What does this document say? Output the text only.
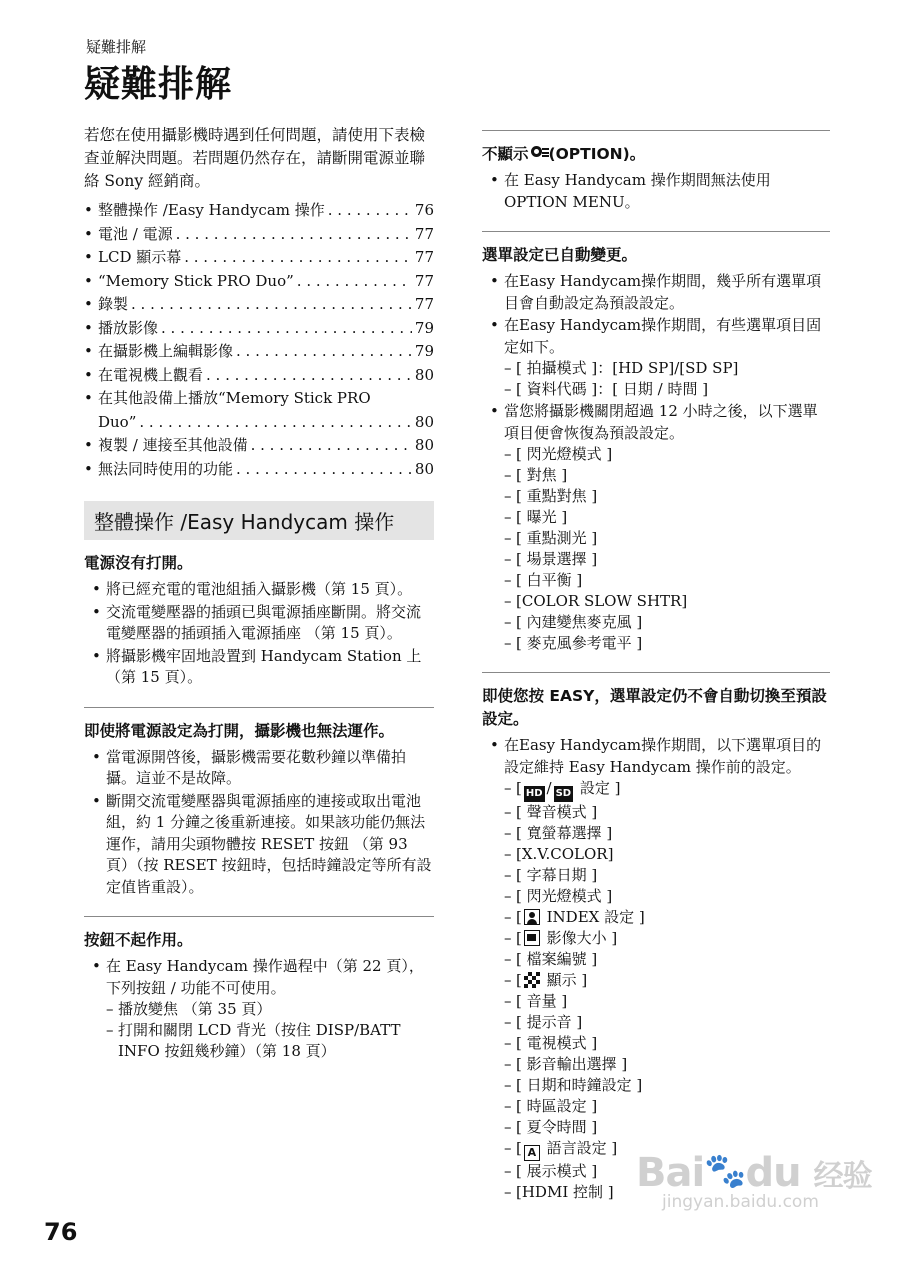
疑難排解
疑難排解

若您在使用攝影機時遇到任何問題，請使用下表檢查並解決問題。若問題仍然存在，請斷開電源並聯絡 Sony 經銷商。

• 整體操作 /Easy Handycam 操作 . . .	76
• 電池 / 電源 . . .	77
• LCD 顯示幕 . . .	77
• “Memory Stick PRO Duo” . . .	77
• 錄製 . . .	77
• 播放影像 . . .	79
• 在攝影機上編輯影像 . . .	79
• 在電視機上觀看 . . .	80
• 在其他設備上播放“Memory Stick PRO
Duo” . . .	80
• 複製 / 連接至其他設備 . . .	80
• 無法同時使用的功能 . . .	80
整體操作 /Easy Handycam 操作

電源沒有打開。

• 將已經充電的電池組插入攝影機（第 15 頁）。
• 交流電變壓器的插頭已與電源插座斷開。將交流電變壓器的插頭插入電源插座 （第 15 頁）。
• 將攝影機牢固地設置到 Handycam Station 上 （第 15 頁）。

即使將電源設定為打開，攝影機也無法運作。

• 當電源開啓後，攝影機需要花數秒鐘以準備拍攝。這並不是故障。
• 斷開交流電變壓器與電源插座的連接或取出電池組，約 1 分鐘之後重新連接。如果該功能仍無法運作，請用尖頭物體按 RESET 按鈕 （第 93 頁）（按 RESET 按鈕時，包括時鐘設定等所有設定值皆重設）。

按鈕不起作用。

• 在 Easy Handycam 操作過程中（第 22 頁），下列按鈕 / 功能不可使用。
– 播放變焦 （第 35 頁）
– 打開和關閉 LCD 背光（按住 DISP/BATT INFO 按鈕幾秒鐘）（第 18 頁）

不顯示 (OPTION)。

• 在 Easy Handycam 操作期間無法使用 OPTION MENU。

選單設定已自動變更。

• 在Easy Handycam操作期間，幾乎所有選單項目會自動設定為預設設定。
• 在Easy Handycam操作期間，有些選單項目固定如下。
– [ 拍攝模式 ]：[HD SP]/[SD SP]
– [ 資料代碼 ]：[ 日期 / 時間 ]
• 當您將攝影機關閉超過 12 小時之後，以下選單項目便會恢復為預設設定。
– [ 閃光燈模式 ]
– [ 對焦 ]
– [ 重點對焦 ]
– [ 曝光 ]
– [ 重點測光 ]
– [ 場景選擇 ]
– [ 白平衡 ]
– [COLOR SLOW SHTR]
– [ 內建變焦麥克風 ]
– [ 麥克風參考電平 ]

即使您按 EASY，選單設定仍不會自動切換至預設設定。

• 在Easy Handycam操作期間，以下選單項目的設定維持 Easy Handycam 操作前的設定。
– [ HD / SD 設定 ]
– [ 聲音模式 ]
– [ 寬螢幕選擇 ]
– [X.V.COLOR]
– [ 字幕日期 ]
– [ 閃光燈模式 ]
– [ INDEX 設定 ]
– [ 影像大小 ]
– [ 檔案編號 ]
– [ 顯示 ]
– [ 音量 ]
– [ 提示音 ]
– [ 電視模式 ]
– [ 影音輸出選擇 ]
– [ 日期和時鐘設定 ]
– [ 時區設定 ]
– [ 夏令時間 ]
– [ A 語言設定 ]
– [ 展示模式 ]
– [HDMI 控制 ]
76
Bai🐾du 经验
jingyan.baidu.com
